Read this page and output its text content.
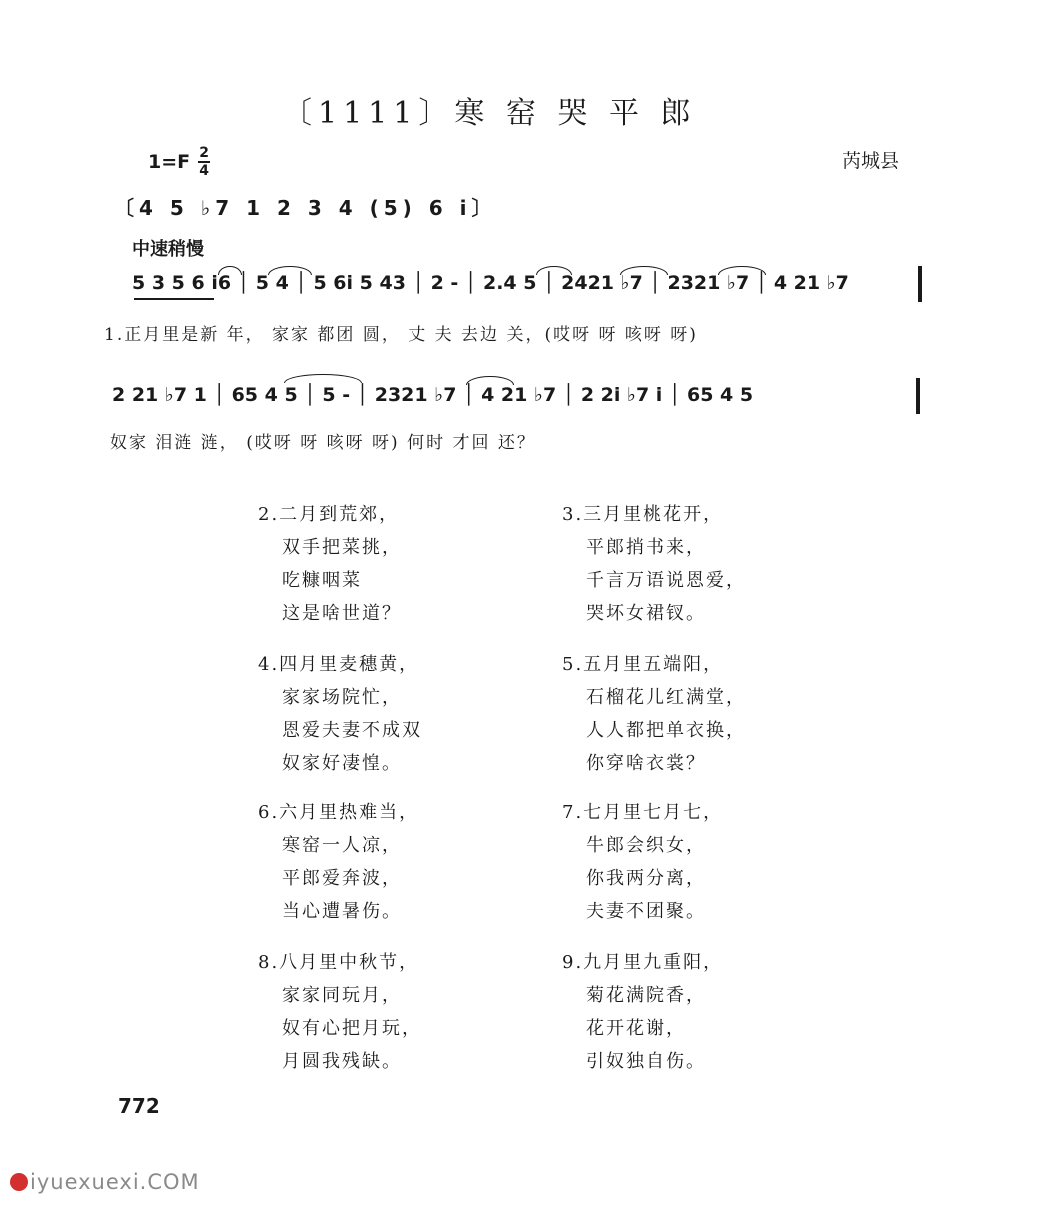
〔1111〕寒 窑 哭 平 郎
$1=F \frac{2}{4}$	芮城县
〔4 5 ♭7 1 2 3 4 (5) 6 i〕
中速稍慢
5 3 5 6 i6 │ 5 4 │ 5 6i 5 43 │ 2 - │ 2.4 5 │ 2421 ♭7 │ 2321 ♭7 │ 4 21 ♭7
1.正月里是新 年， 家家 都团 圆， 丈 夫 去边 关，(哎呀 呀 咳呀 呀)
2 21 ♭7 1 │ 65 4 5 │ 5 - │ 2321 ♭7 │ 4 21 ♭7 │ 2 2i ♭7 i │ 65 4 5
奴家 泪涟 涟， (哎呀 呀 咳呀 呀) 何时 才回 还？
2.二月到荒郊，
双手把菜挑，
吃糠咽菜
这是啥世道？
3.三月里桃花开，
平郎捎书来，
千言万语说恩爱，
哭坏女裙钗。
4.四月里麦穗黄，
家家场院忙，
恩爱夫妻不成双
奴家好凄惶。
5.五月里五端阳，
石榴花儿红满堂，
人人都把单衣换，
你穿啥衣裳？
6.六月里热难当，
寒窑一人凉，
平郎爱奔波，
当心遭暑伤。
7.七月里七月七，
牛郎会织女，
你我两分离，
夫妻不团聚。
8.八月里中秋节，
家家同玩月，
奴有心把月玩，
月圆我残缺。
9.九月里九重阳，
菊花满院香，
花开花谢，
引奴独自伤。
772
iyuexuexi.COM
